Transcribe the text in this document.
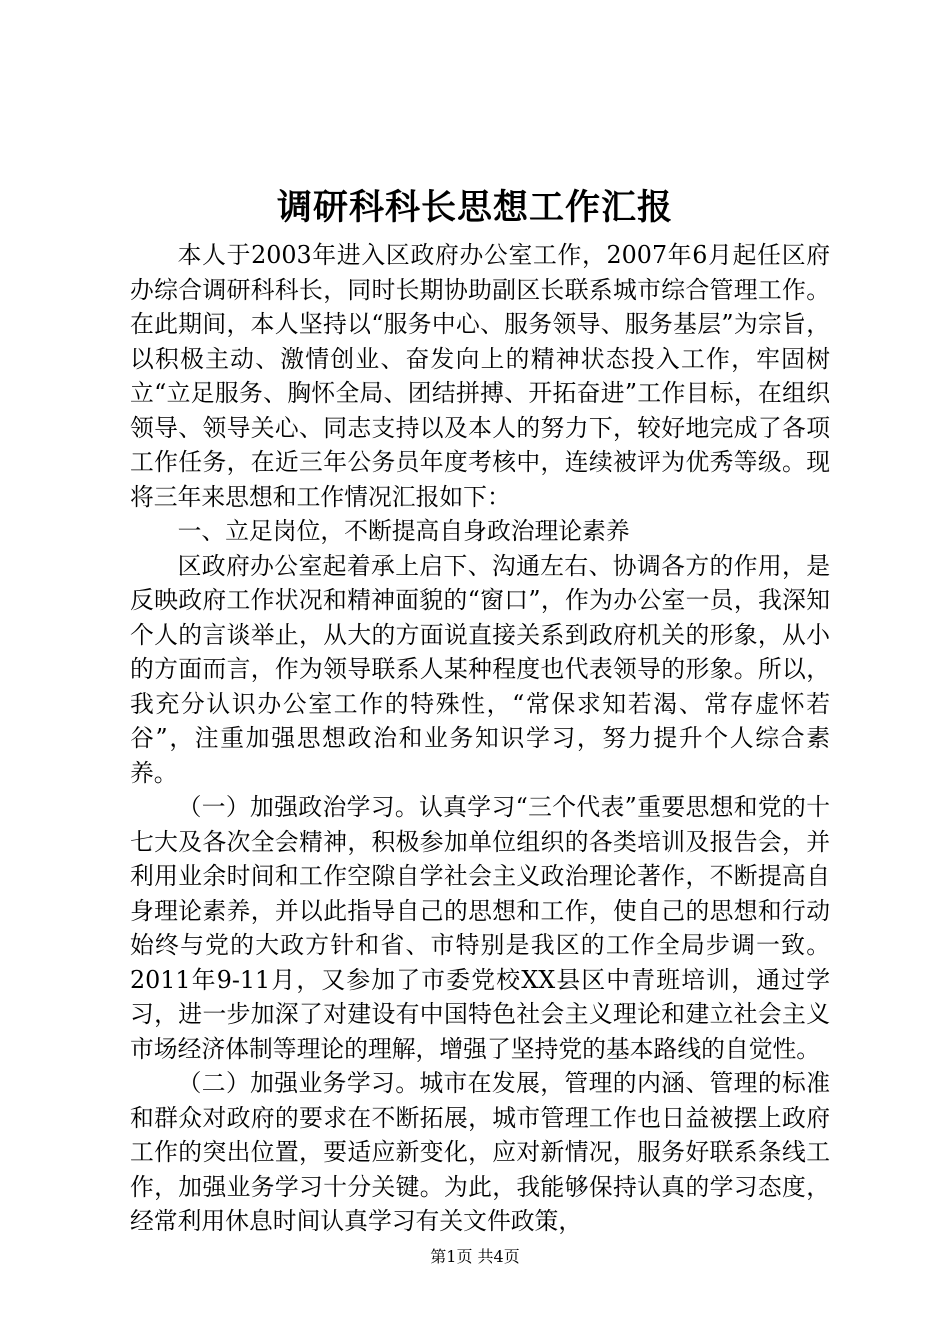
调研科科长思想工作汇报

本人于2003年进入区政府办公室工作，2007年6月起任区府办综合调研科科长，同时长期协助副区长联系城市综合管理工作。在此期间，本人坚持以“服务中心、服务领导、服务基层”为宗旨，以积极主动、激情创业、奋发向上的精神状态投入工作，牢固树立“立足服务、胸怀全局、团结拼搏、开拓奋进”工作目标，在组织领导、领导关心、同志支持以及本人的努力下，较好地完成了各项工作任务，在近三年公务员年度考核中，连续被评为优秀等级。现将三年来思想和工作情况汇报如下：

一、立足岗位，不断提高自身政治理论素养

区政府办公室起着承上启下、沟通左右、协调各方的作用，是反映政府工作状况和精神面貌的“窗口”，作为办公室一员，我深知个人的言谈举止，从大的方面说直接关系到政府机关的形象，从小的方面而言，作为领导联系人某种程度也代表领导的形象。所以，我充分认识办公室工作的特殊性，“常保求知若渴、常存虚怀若谷”，注重加强思想政治和业务知识学习，努力提升个人综合素养。

（一）加强政治学习。认真学习“三个代表”重要思想和党的十七大及各次全会精神，积极参加单位组织的各类培训及报告会，并利用业余时间和工作空隙自学社会主义政治理论著作，不断提高自身理论素养，并以此指导自己的思想和工作，使自己的思想和行动始终与党的大政方针和省、市特别是我区的工作全局步调一致。2011年9-11月，又参加了市委党校XX县区中青班培训，通过学习，进一步加深了对建设有中国特色社会主义理论和建立社会主义市场经济体制等理论的理解，增强了坚持党的基本路线的自觉性。

（二）加强业务学习。城市在发展，管理的内涵、管理的标准和群众对政府的要求在不断拓展，城市管理工作也日益被摆上政府工作的突出位置，要适应新变化，应对新情况，服务好联系条线工作，加强业务学习十分关键。为此，我能够保持认真的学习态度，经常利用休息时间认真学习有关文件政策，

第1页 共4页
